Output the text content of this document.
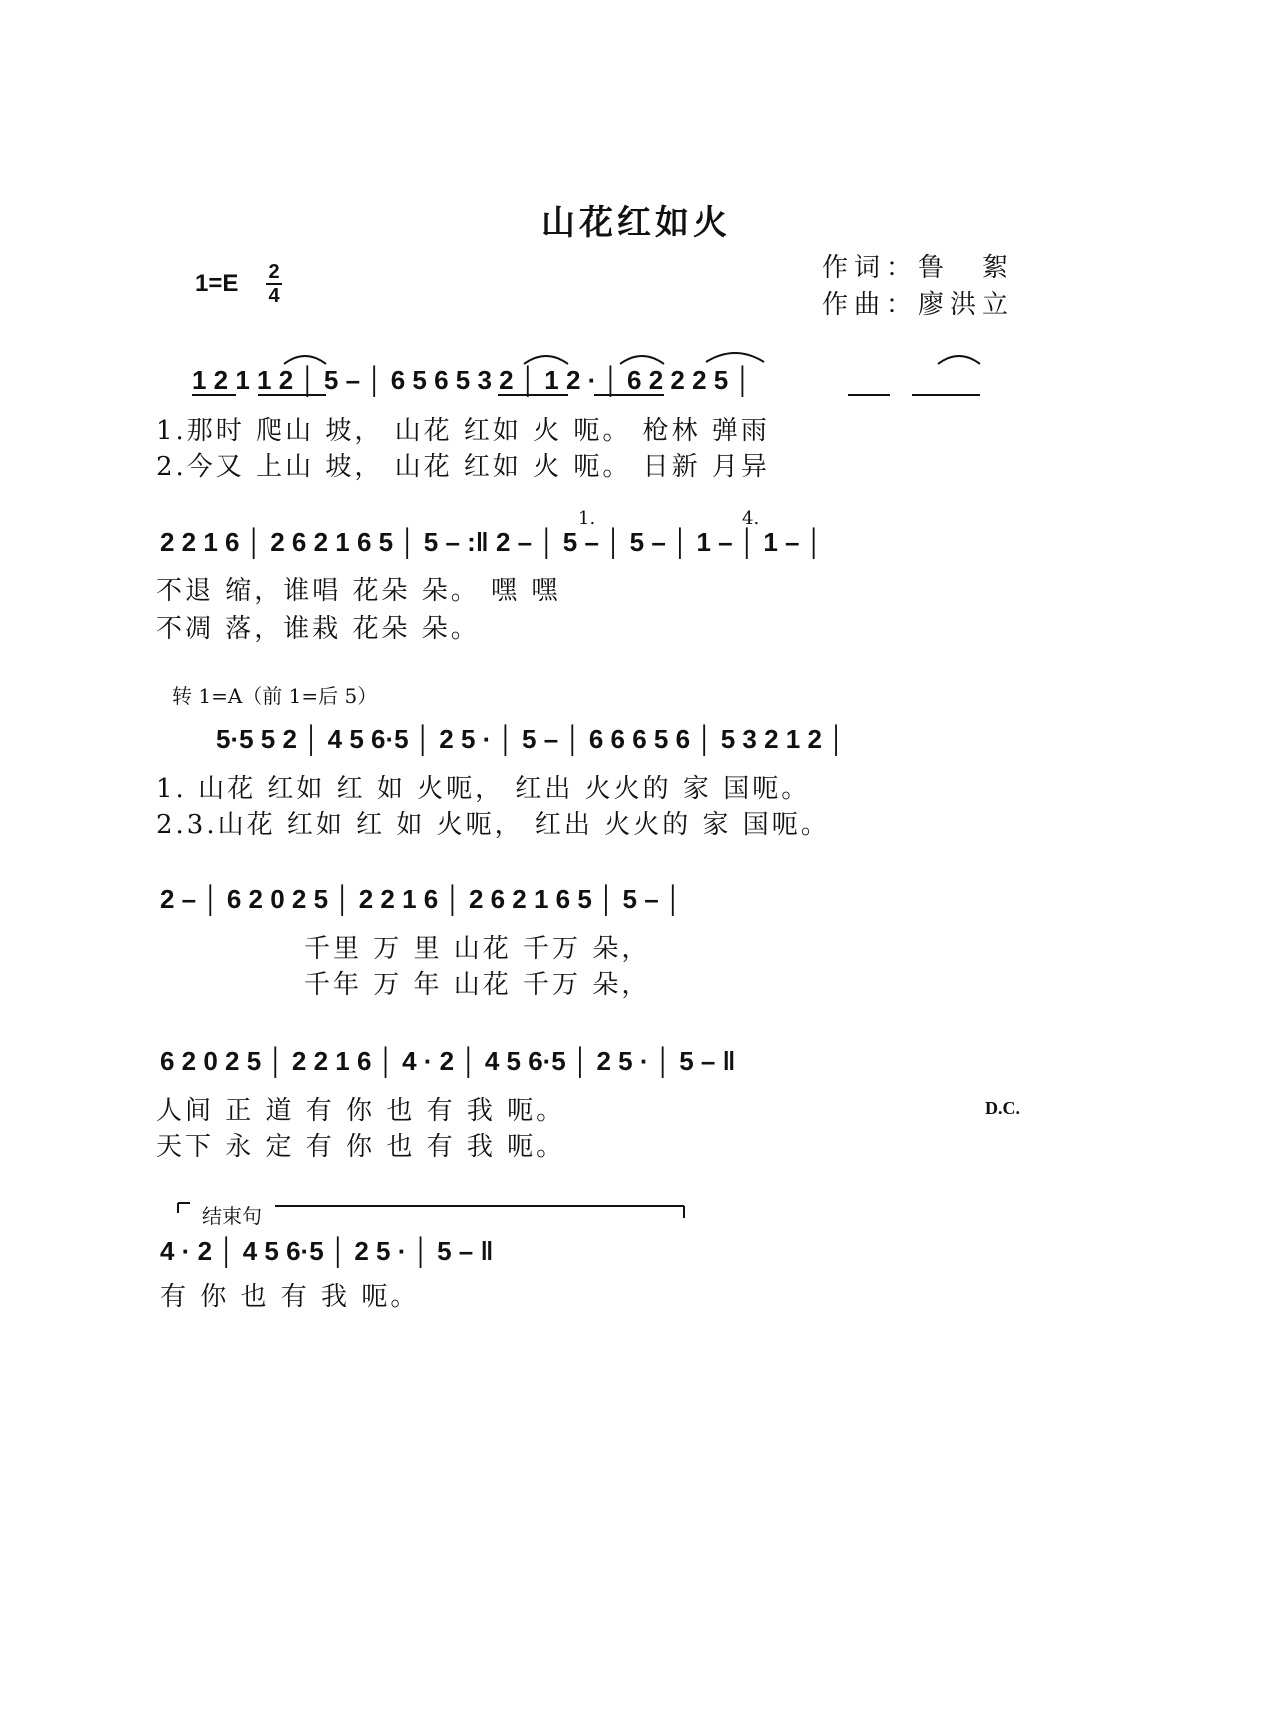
山花红如火
1=E 2
4
作词：鲁　絮
作曲：廖洪立
1 2 1 1 2 │ 5 – │ 6 5 6 5 3 2 │ 1 2 · │ 6 2 2 2 5 │
1.那时 爬山 坡， 山花 红如 火 呃。 枪林 弹雨
2.今又 上山 坡， 山花 红如 火 呃。 日新 月异
1.	4.
2 2 1 6 │ 2 6 2 1 6 5 │ 5 – :‖ 2 – │ 5 – │ 5 – │ 1 – │ 1 – │
不退 缩，谁唱 花朵 朵。 嘿 嘿
不凋 落，谁栽 花朵 朵。
转 1=A（前 1=后 5）
5·5 5 2 │ 4 5 6·5 │ 2 5 · │ 5 – │ 6 6 6 5 6 │ 5 3 2 1 2 │
1. 山花 红如 红 如 火呃， 红出 火火的 家 国呃。
2.3.山花 红如 红 如 火呃， 红出 火火的 家 国呃。
2 – │ 6 2 0 2 5 │ 2 2 1 6 │ 2 6 2 1 6 5 │ 5 – │
千里 万 里 山花 千万 朵，
千年 万 年 山花 千万 朵，
6 2 0 2 5 │ 2 2 1 6 │ 4 · 2 │ 4 5 6·5 │ 2 5 · │ 5 – ‖
D.C.
人间 正 道 有 你 也 有 我 呃。
天下 永 定 有 你 也 有 我 呃。
结束句
4 · 2 │ 4 5 6·5 │ 2 5 · │ 5 – ‖
有 你 也 有 我 呃。
